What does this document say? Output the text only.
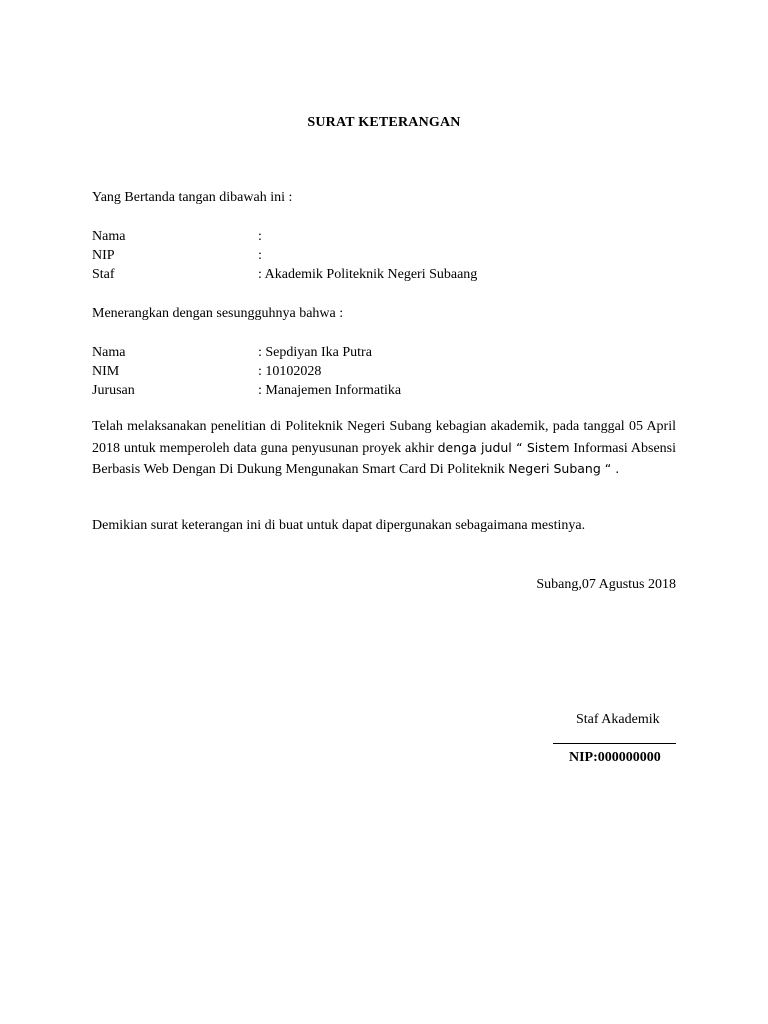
SURAT KETERANGAN
Yang Bertanda tangan dibawah ini :
Nama	:
NIP	:
Staf	: Akademik Politeknik Negeri Subaang
Menerangkan dengan sesungguhnya bahwa :
Nama	: Sepdiyan Ika Putra
NIM	: 10102028
Jurusan	: Manajemen Informatika
Telah melaksanakan penelitian di Politeknik Negeri Subang kebagian akademik, pada tanggal 05 April 2018 untuk memperoleh data guna penyusunan proyek akhir denga judul “ Sistem Informasi Absensi Berbasis Web Dengan Di Dukung Mengunakan Smart Card Di Politeknik Negeri Subang “ .
Demikian surat keterangan ini di buat untuk dapat dipergunakan sebagaimana mestinya.
Subang,07 Agustus 2018
Staf Akademik
NIP:000000000
